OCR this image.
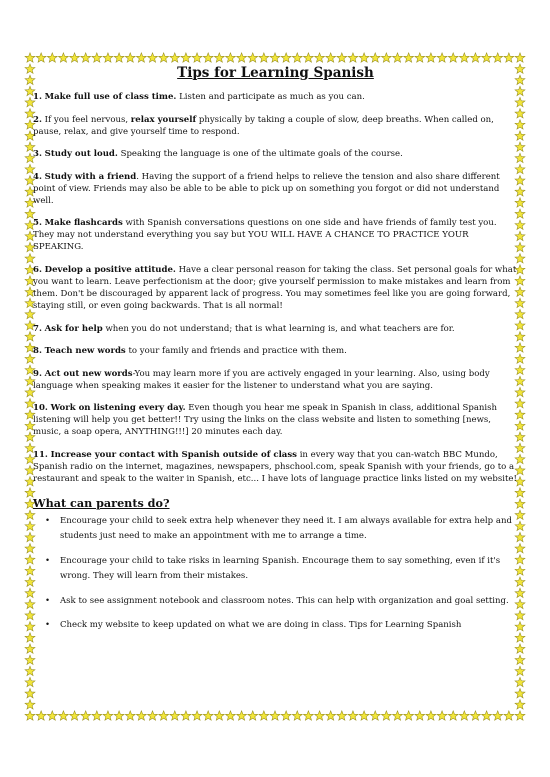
Tips for Learning Spanish
1. Make full use of class time. Listen and participate as much as you can.
2. If you feel nervous, relax yourself physically by taking a couple of slow, deep breaths. When called on, pause, relax, and give yourself time to respond.
3. Study out loud. Speaking the language is one of the ultimate goals of the course.
4. Study with a friend. Having the support of a friend helps to relieve the tension and also share different point of view. Friends may also be able to be able to pick up on something you forgot or did not understand well.
5. Make flashcards with Spanish conversations questions on one side and have friends of family test you. They may not understand everything you say but YOU WILL HAVE A CHANCE TO PRACTICE YOUR SPEAKING.
6. Develop a positive attitude. Have a clear personal reason for taking the class. Set personal goals for what you want to learn. Leave perfectionism at the door; give yourself permission to make mistakes and learn from them. Don't be discouraged by apparent lack of progress. You may sometimes feel like you are going forward, staying still, or even going backwards. That is all normal!
7. Ask for help when you do not understand; that is what learning is, and what teachers are for.
8. Teach new words to your family and friends and practice with them.
9. Act out new words-You may learn more if you are actively engaged in your learning. Also, using body language when speaking makes it easier for the listener to understand what you are saying.
10. Work on listening every day. Even though you hear me speak in Spanish in class, additional Spanish listening will help you get better!! Try using the links on the class website and listen to something [news, music, a soap opera, ANYTHING!!!] 20 minutes each day.
11. Increase your contact with Spanish outside of class in every way that you can-watch BBC Mundo, Spanish radio on the internet, magazines, newspapers, phschool.com, speak Spanish with your friends, go to a restaurant and speak to the waiter in Spanish, etc... I have lots of language practice links listed on my website!
What can parents do?
• Encourage your child to seek extra help whenever they need it. I am always available for extra help and students just need to make an appointment with me to arrange a time.
• Encourage your child to take risks in learning Spanish. Encourage them to say something, even if it's wrong. They will learn from their mistakes.
• Ask to see assignment notebook and classroom notes. This can help with organization and goal setting.
• Check my website to keep updated on what we are doing in class. Tips for Learning Spanish
